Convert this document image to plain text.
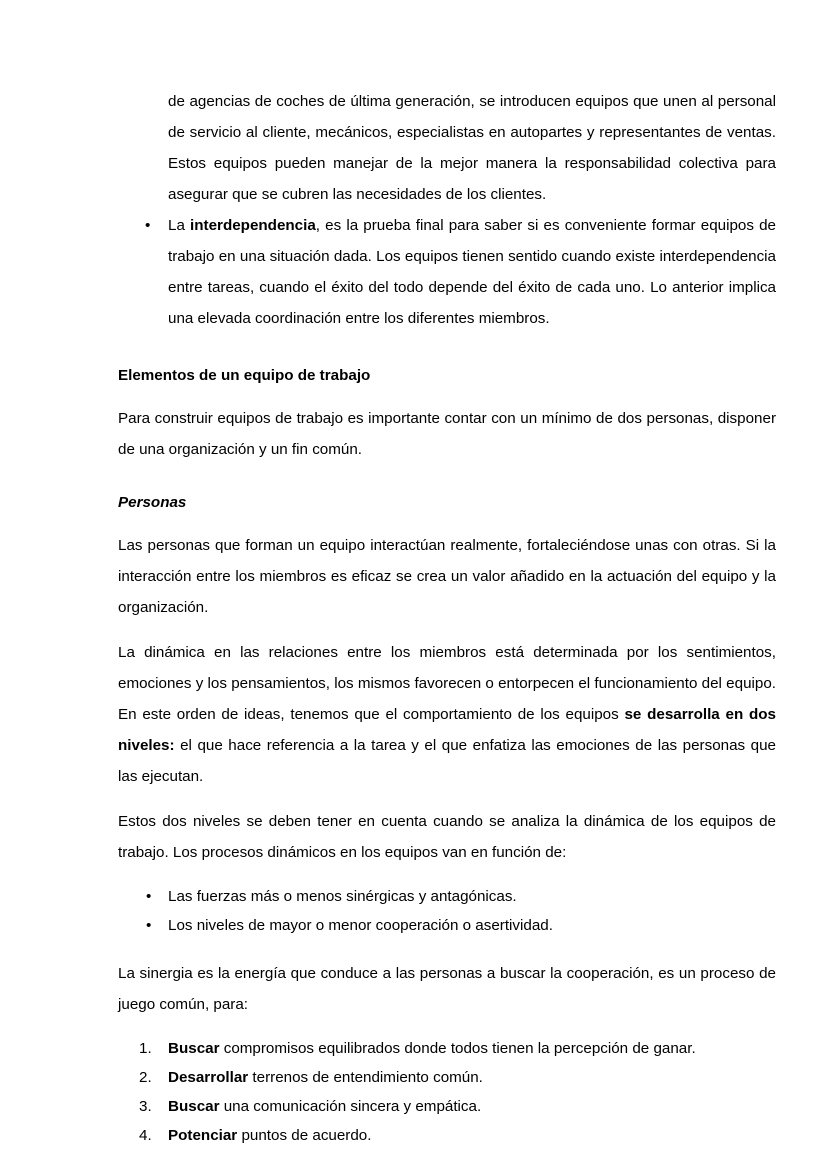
de agencias de coches de última generación, se introducen equipos que unen al personal de servicio al cliente, mecánicos, especialistas en autopartes y representantes de ventas. Estos equipos pueden manejar de la mejor manera la responsabilidad colectiva para asegurar que se cubren las necesidades de los clientes.

• La interdependencia, es la prueba final para saber si es conveniente formar equipos de trabajo en una situación dada. Los equipos tienen sentido cuando existe interdependencia entre tareas, cuando el éxito del todo depende del éxito de cada uno. Lo anterior implica una elevada coordinación entre los diferentes miembros.
Elementos de un equipo de trabajo

Para construir equipos de trabajo es importante contar con un mínimo de dos personas, disponer de una organización y un fin común.

Personas

Las personas que forman un equipo interactúan realmente, fortaleciéndose unas con otras. Si la interacción entre los miembros es eficaz se crea un valor añadido en la actuación del equipo y la organización.

La dinámica en las relaciones entre los miembros está determinada por los sentimientos, emociones y los pensamientos, los mismos favorecen o entorpecen el funcionamiento del equipo. En este orden de ideas, tenemos que el comportamiento de los equipos se desarrolla en dos niveles: el que hace referencia a la tarea y el que enfatiza las emociones de las personas que las ejecutan.

Estos dos niveles se deben tener en cuenta cuando se analiza la dinámica de los equipos de trabajo. Los procesos dinámicos en los equipos van en función de:

• Las fuerzas más o menos sinérgicas y antagónicas.
• Los niveles de mayor o menor cooperación o asertividad.

La sinergia es la energía que conduce a las personas a buscar la cooperación, es un proceso de juego común, para:

Buscar compromisos equilibrados donde todos tienen la percepción de ganar.
Desarrollar terrenos de entendimiento común.
Buscar una comunicación sincera y empática.
Potenciar puntos de acuerdo.
